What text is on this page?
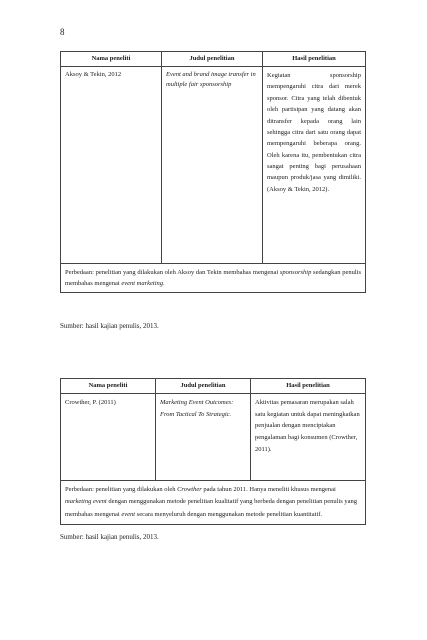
8
Nama peneliti	Judul penelitian	Hasil penelitian
Aksoy & Tekin, 2012	Event and brand image transfer in multiple fair sponsorship	Kegiatan sponsorship mempengaruhi citra dari merek sponsor. Citra yang telah dibentuk oleh partisipan yang datang akan ditransfer kepada orang lain sehingga citra dari satu orang dapat mempengaruhi beberapa orang. Oleh karena itu, pembentukan citra sangat penting bagi perusahaan maupun produk/jasa yang dimiliki. (Aksoy & Tekin, 2012).
Perbedaan: penelitian yang dilakukan oleh Aksoy dan Tekin membahas mengenai sponsorship sedangkan penulis membahas mengenai event marketing.		
Sumber: hasil kajian penulis, 2013.
Nama peneliti	Judul penelitian	Hasil penelitian
Crowther, P. (2011)	Marketing Event Outcomes: From Tactical To Strategic.	Aktivitas pemasaran merupakan salah satu kegiatan untuk dapat meningkatkan penjualan dengan menciptakan pengalaman bagi konsumen (Crowther, 2011).
Perbedaan: penelitian yang dilakukan oleh Crowther pada tahun 2011. Hanya meneliti khusus mengenai marketing event dengan menggunakan metode penelitian kualitatif yang berbeda dengan penelitian penulis yang membahas mengenai event secara menyeluruh dengan menggunakan metode penelitian kuantitatif.		
Sumber: hasil kajian penulis, 2013.
